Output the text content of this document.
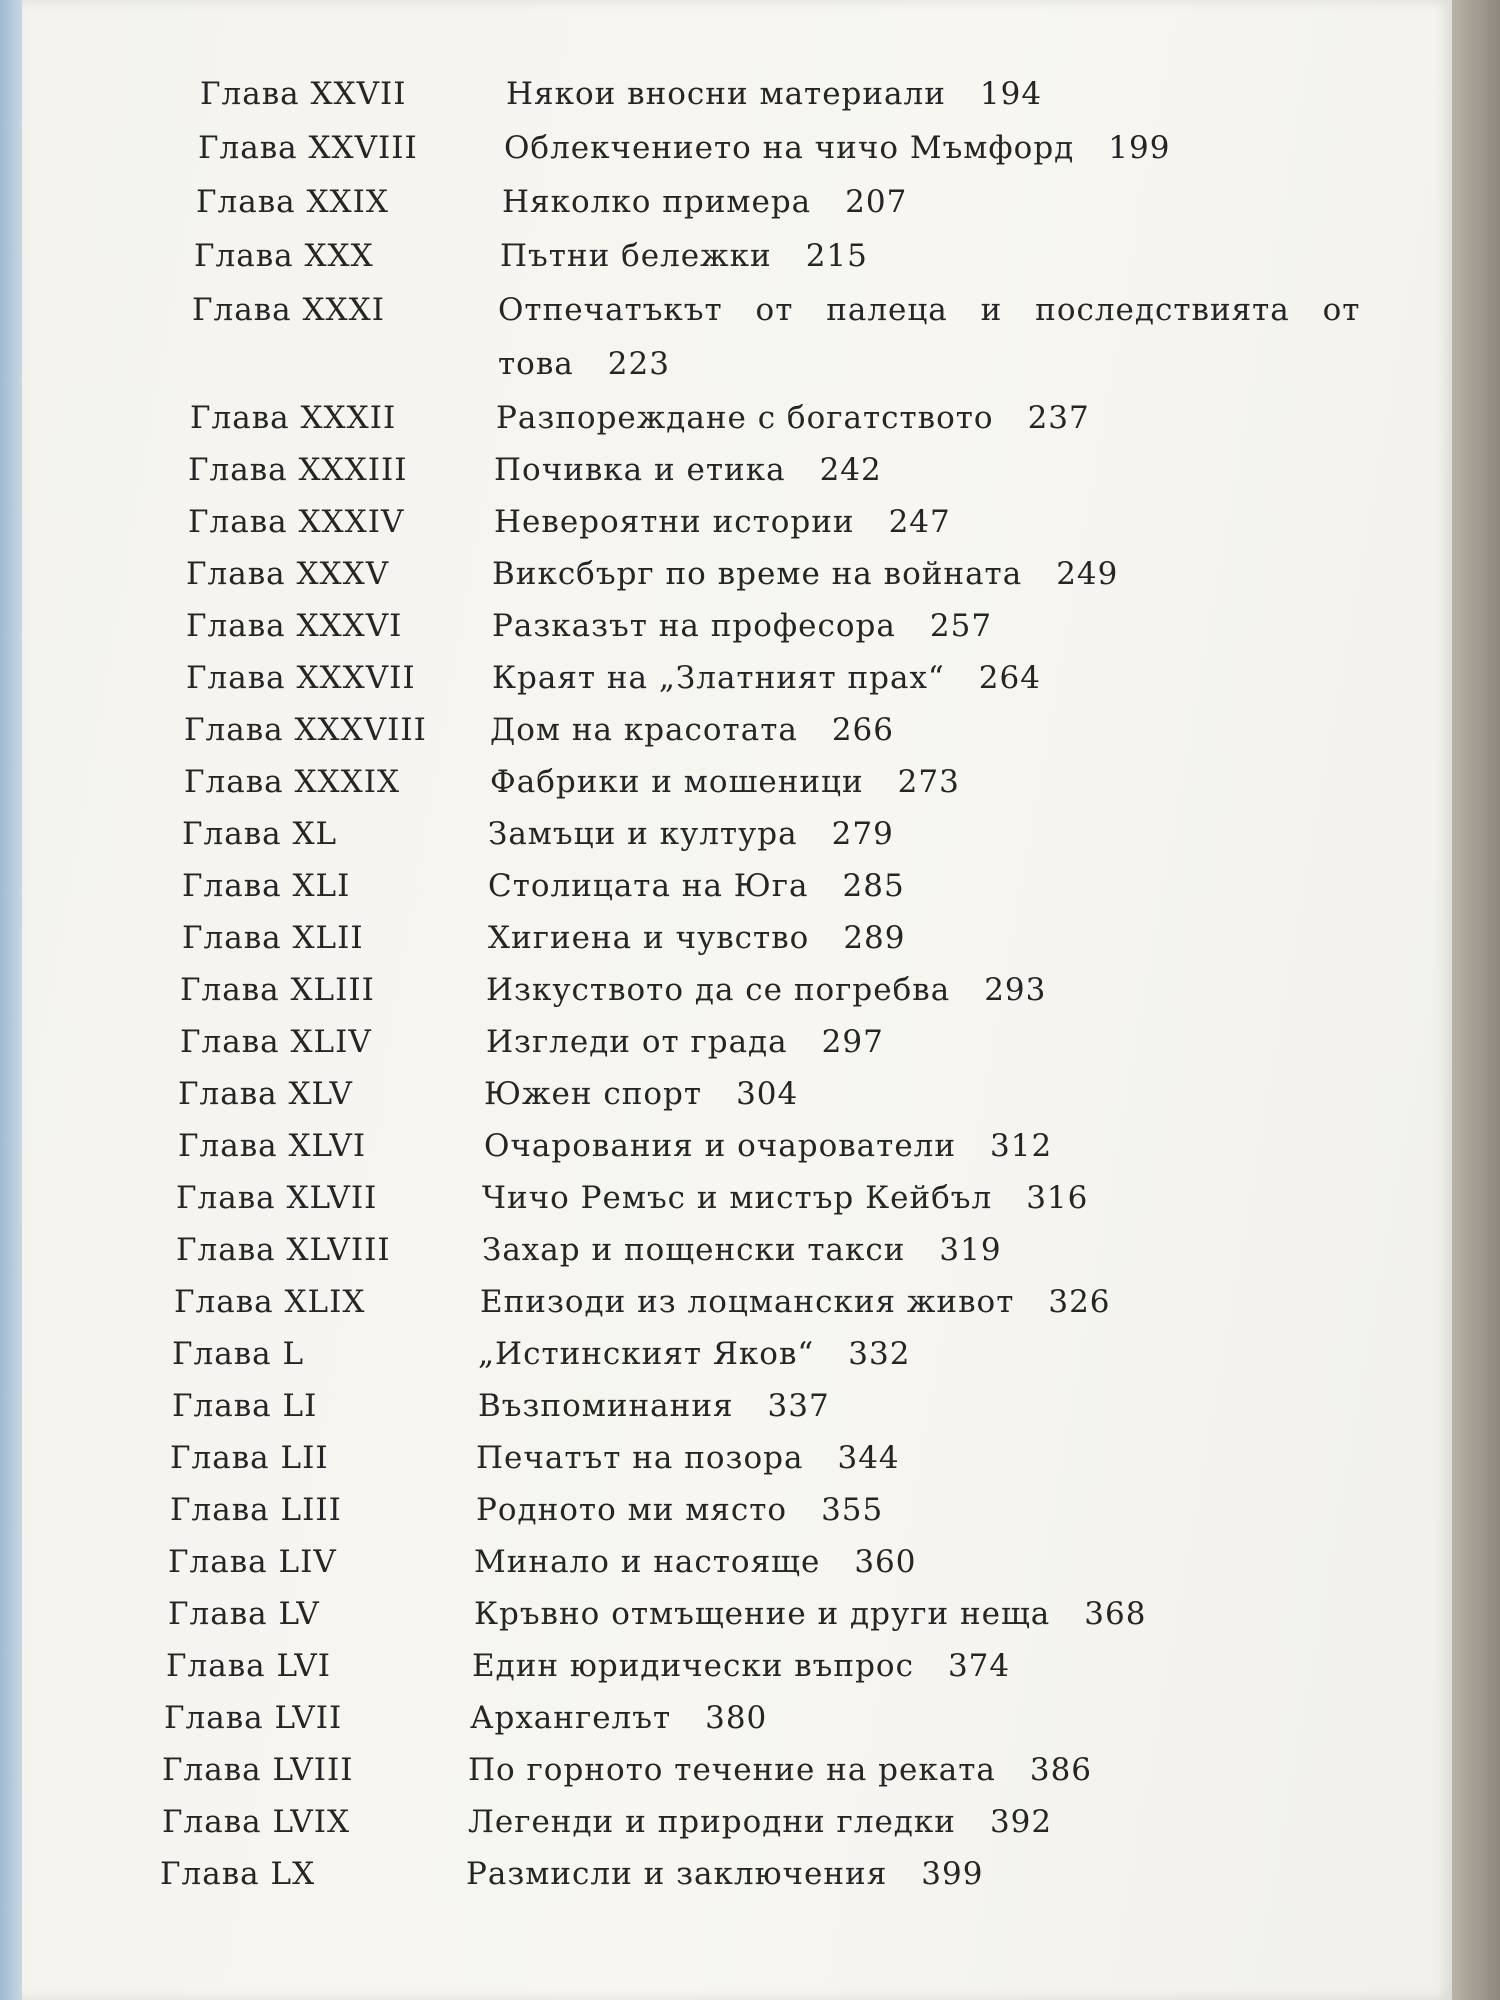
Глава XXVII	Някои вносни материали 194
Глава XXVIII	Облекчението на чичо Мъмфорд 199
Глава XXIX	Няколко примера 207
Глава XXX	Пътни бележки 215
Глава XXXI	Отпечатъкът от палеца и последствията от
това 223
Глава XXXII	Разпореждане с богатството 237
Глава XXXIII	Почивка и етика 242
Глава XXXIV	Невероятни истории 247
Глава XXXV	Виксбърг по време на войната 249
Глава XXXVI	Разказът на професора 257
Глава XXXVII Краят на „Златният прах“ 264
Глава XXXVIII Дом на красотата 266
Глава XXXIX	Фабрики и мошеници 273
Глава XL	Замъци и култура 279
Глава XLI	Столицата на Юга 285
Глава XLII	Хигиена и чувство 289
Глава XLIII	Изкуството да се погребва 293
Глава XLIV	Изгледи от града 297
Глава XLV	Южен спорт 304
Глава XLVI	Очарования и очарователи 312
Глава XLVII	Чичо Ремъс и мистър Кейбъл 316
Глава XLVIII	Захар и пощенски такси 319
Глава XLIX	Епизоди из лоцманския живот 326
Глава L	„Истинският Яков“ 332
Глава LI	Възпоминания 337
Глава LII	Печатът на позора 344
Глава LIII	Родното ми място 355
Глава LIV	Минало и настояще 360
Глава LV	Кръвно отмъщение и други неща 368
Глава LVI	Един юридически въпрос 374
Глава LVII	Архангелът 380
Глава LVIII	По горното течение на реката 386
Глава LVIX	Легенди и природни гледки 392
Глава LX	Размисли и заключения 399
